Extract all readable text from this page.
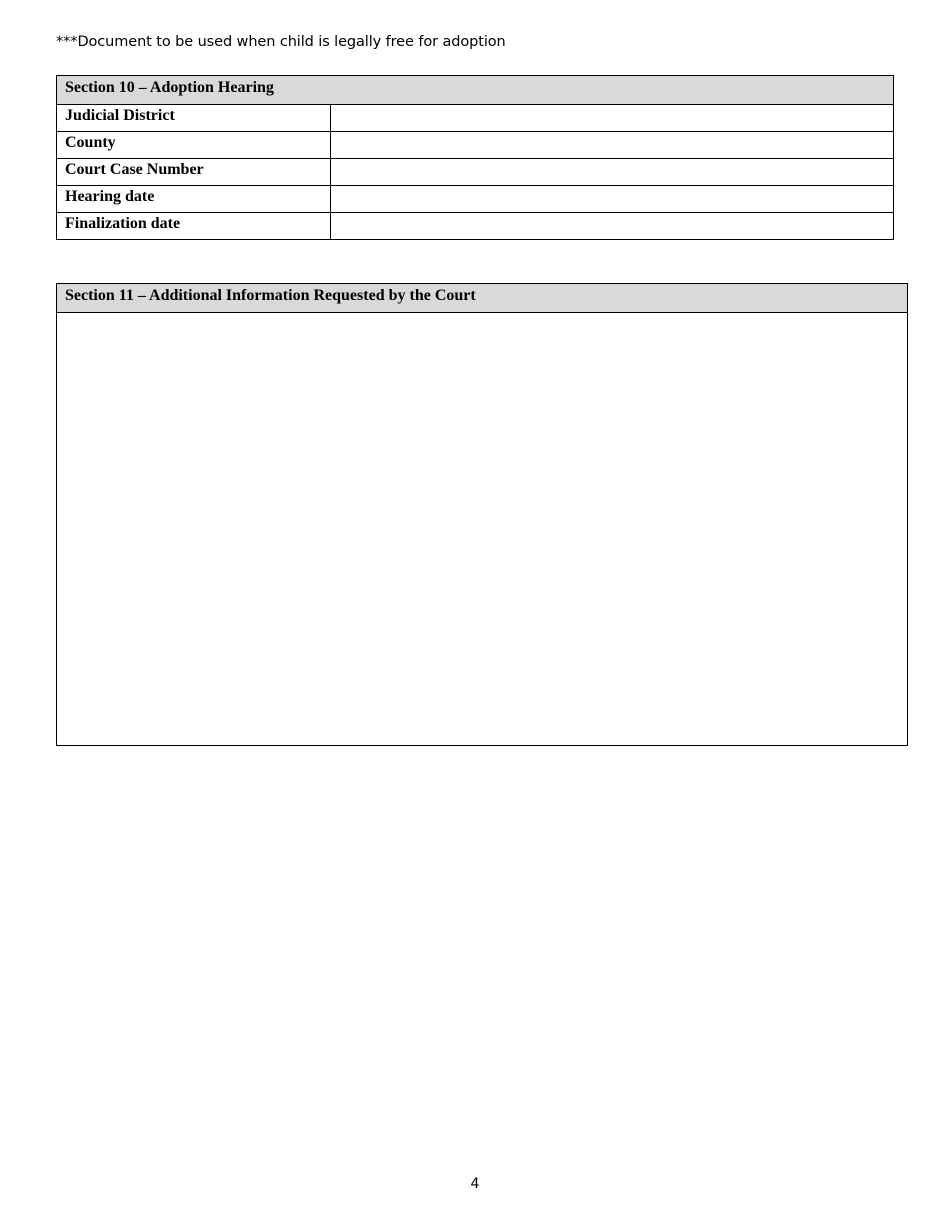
***Document to be used when child is legally free for adoption
Section 10 – Adoption Hearing	
Judicial District	
County	
Court Case Number	
Hearing date	
Finalization date	
Section 11 – Additional Information Requested by the Court
4
